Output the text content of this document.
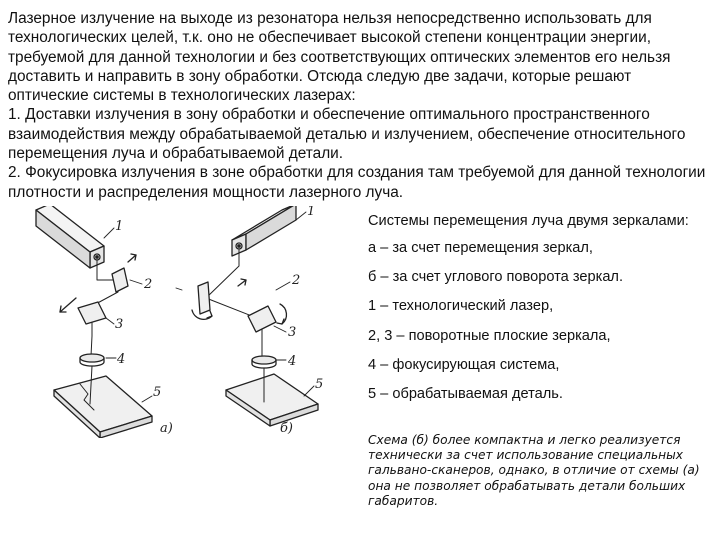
Лазерное излучение на выходе из резонатора нельзя непосредственно использовать для технологических целей, т.к. оно не обеспечивает высокой степени концентрации энергии, требуемой для данной технологии и без соответствующих оптических элементов его нельзя доставить и направить в зону обработки. Отсюда следую две задачи, которые решают оптические системы в технологических лазерах:

1. Доставки излучения в зону обработки и обеспечение оптимального пространственного взаимодействия между обрабатываемой деталью и излучением, обеспечение относительного перемещения луча и обрабатываемой детали.

2. Фокусировка излучения в зоне обработки для создания там требуемой для данной технологии плотности и распределения мощности лазерного луча.

1
2
3
4
5
а)
1
2
3
4
5
б)

Системы перемещения луча двумя зеркалами:

а – за счет перемещения зеркал,

б – за счет углового поворота зеркал.

1 – технологический лазер,

2, 3 – поворотные плоские зеркала,

4 – фокусирующая система,

5 – обрабатываемая деталь.

Схема (б) более компактна и легко реализуется технически за счет использование специальных гальвано-сканеров, однако, в отличие от схемы (а) она не позволяет обрабатывать детали больших габаритов.
